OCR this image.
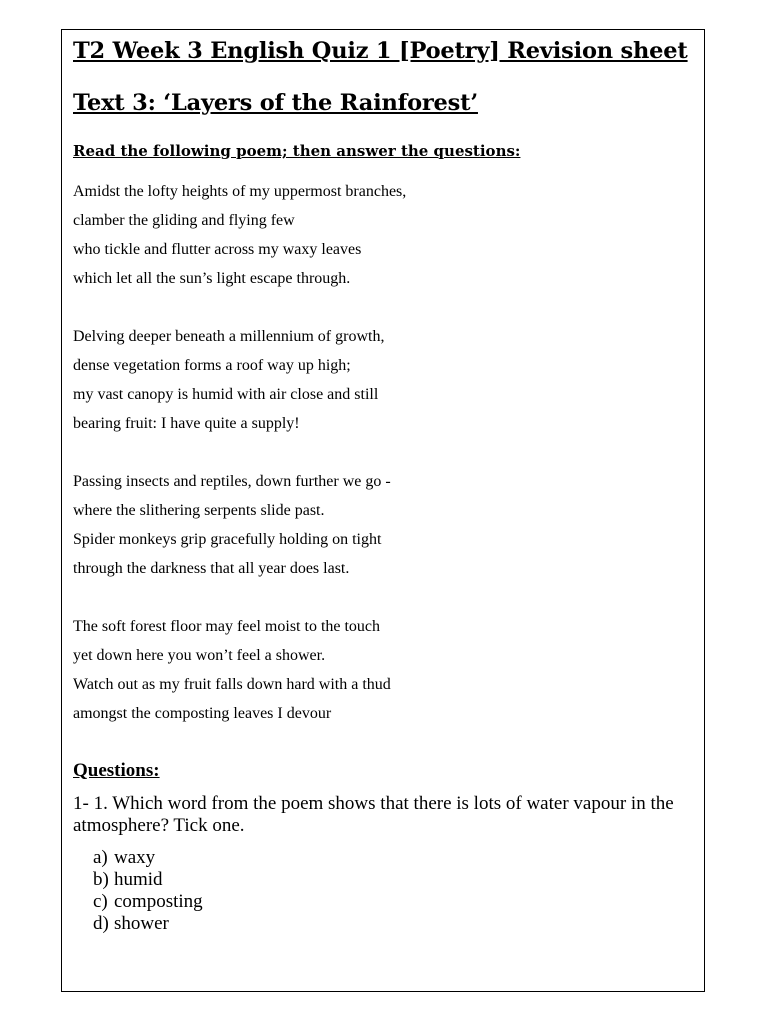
T2 Week 3 English Quiz 1 [Poetry] Revision sheet
Text 3: ‘Layers of the Rainforest’

Read the following poem; then answer the questions:

Amidst the lofty heights of my uppermost branches,
clamber the gliding and flying few
who tickle and flutter across my waxy leaves
which let all the sun’s light escape through.
Delving deeper beneath a millennium of growth,
dense vegetation forms a roof way up high;
my vast canopy is humid with air close and still
bearing fruit: I have quite a supply!
Passing insects and reptiles, down further we go -
where the slithering serpents slide past.
Spider monkeys grip gracefully holding on tight
through the darkness that all year does last.
The soft forest floor may feel moist to the touch
yet down here you won’t feel a shower.
Watch out as my fruit falls down hard with a thud
amongst the composting leaves I devour
Questions:

1- 1. Which word from the poem shows that there is lots of water vapour in the atmosphere? Tick one.

a) waxy
b) humid
c) composting
d) shower
